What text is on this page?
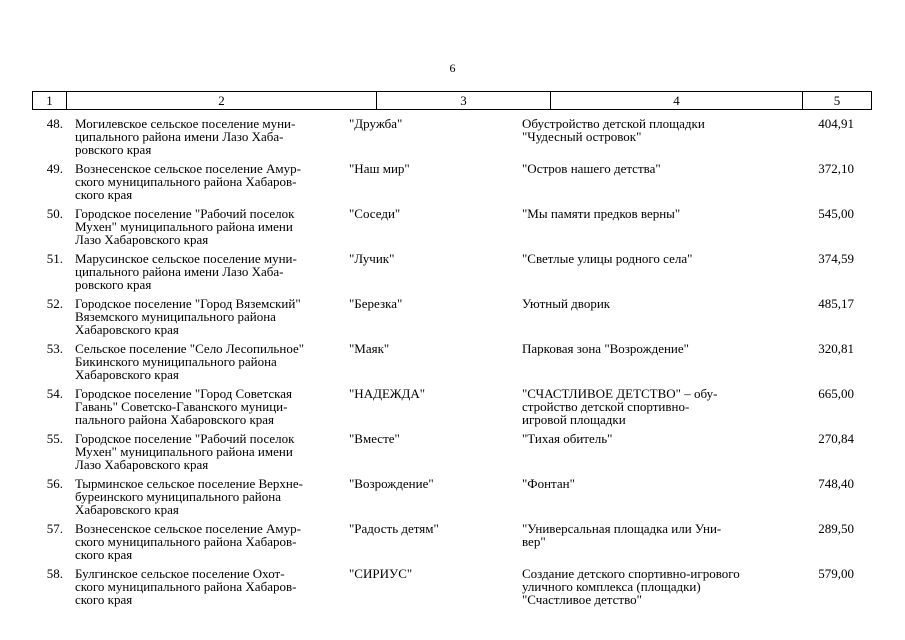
6
1	2	3	4	5
48. Могилевское сельское поселение муни-
ципального района имени Лазо Хаба-
ровского края
"Дружба"	Обустройство детской площадки
"Чудесный островок"
404,91
49. Вознесенское сельское поселение Амур-
ского муниципального района Хабаров-
ского края
"Наш мир"	"Остров нашего детства"	372,10
50. Городское поселение "Рабочий поселок
Мухен" муниципального района имени
Лазо Хабаровского края
"Соседи"	"Мы памяти предков верны"	545,00
51. Марусинское сельское поселение муни-
ципального района имени Лазо Хаба-
ровского края
"Лучик"	"Светлые улицы родного села"	374,59
52. Городское поселение "Город Вяземский"
Вяземского муниципального района
Хабаровского края
"Березка"	Уютный дворик	485,17
53. Сельское поселение "Село Лесопильное"
Бикинского муниципального района
Хабаровского края
"Маяк"	Парковая зона "Возрождение"	320,81
54. Городское поселение "Город Советская
Гавань" Советско-Гаванского муници-
пального района Хабаровского края
"НАДЕЖДА"	"СЧАСТЛИВОЕ ДЕТСТВО" – обу-
стройство детской спортивно-
игровой площадки
665,00
55. Городское поселение "Рабочий поселок
Мухен" муниципального района имени
Лазо Хабаровского края
"Вместе"	"Тихая обитель"	270,84
56. Тырминское сельское поселение Верхне-
буреинского муниципального района
Хабаровского края
"Возрождение"	"Фонтан"	748,40
57. Вознесенское сельское поселение Амур-
ского муниципального района Хабаров-
ского края
"Радость детям"	"Универсальная площадка или Уни-
вер"
289,50
58. Булгинское сельское поселение Охот-
ского муниципального района Хабаров-
ского края
"СИРИУС"	Создание детского спортивно-игрового
уличного комплекса (площадки)
"Счастливое детство"
579,00
